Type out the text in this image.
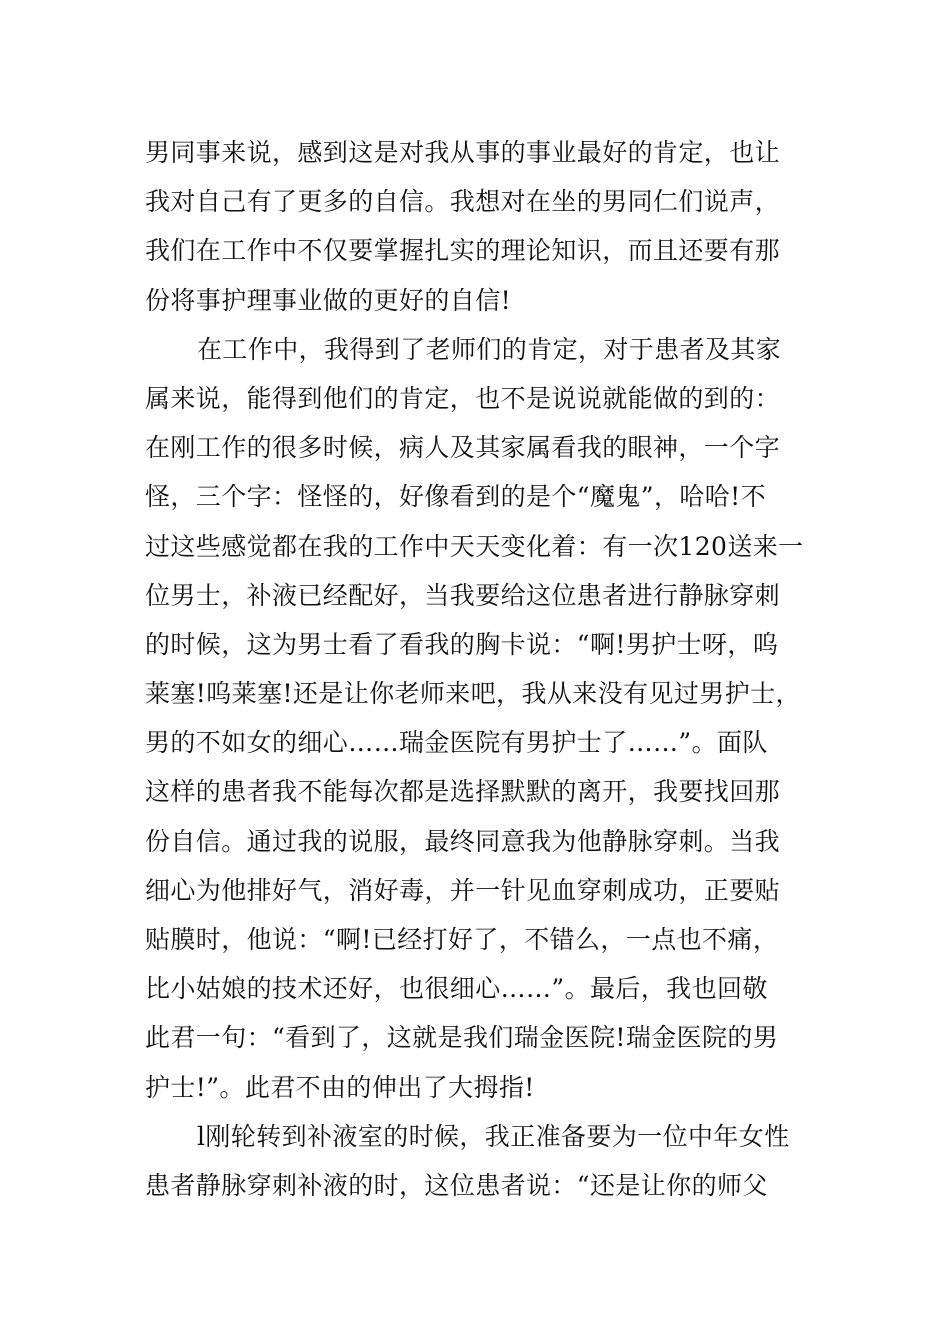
男同事来说，感到这是对我从事的事业最好的肯定，也让
我对自己有了更多的自信。我想对在坐的男同仁们说声，
我们在工作中不仅要掌握扎实的理论知识，而且还要有那
份将事护理事业做的更好的自信!
在工作中，我得到了老师们的肯定，对于患者及其家
属来说，能得到他们的肯定，也不是说说就能做的到的：
在刚工作的很多时候，病人及其家属看我的眼神，一个字
怪，三个字：怪怪的，好像看到的是个“魔鬼”，哈哈!不
过这些感觉都在我的工作中天天变化着：有一次120送来一
位男士，补液已经配好，当我要给这位患者进行静脉穿刺
的时候，这为男士看了看我的胸卡说：“啊!男护士呀，呜
莱塞!呜莱塞!还是让你老师来吧，我从来没有见过男护士，
男的不如女的细心……瑞金医院有男护士了……”。面队
这样的患者我不能每次都是选择默默的离开，我要找回那
份自信。通过我的说服，最终同意我为他静脉穿刺。当我
细心为他排好气，消好毒，并一针见血穿刺成功，正要贴
贴膜时，他说：“啊!已经打好了，不错么，一点也不痛，
比小姑娘的技术还好，也很细心……”。最后，我也回敬
此君一句：“看到了，这就是我们瑞金医院!瑞金医院的男
护士!”。此君不由的伸出了大拇指!
l刚轮转到补液室的时候，我正准备要为一位中年女性
患者静脉穿刺补液的时，这位患者说：“还是让你的师父
